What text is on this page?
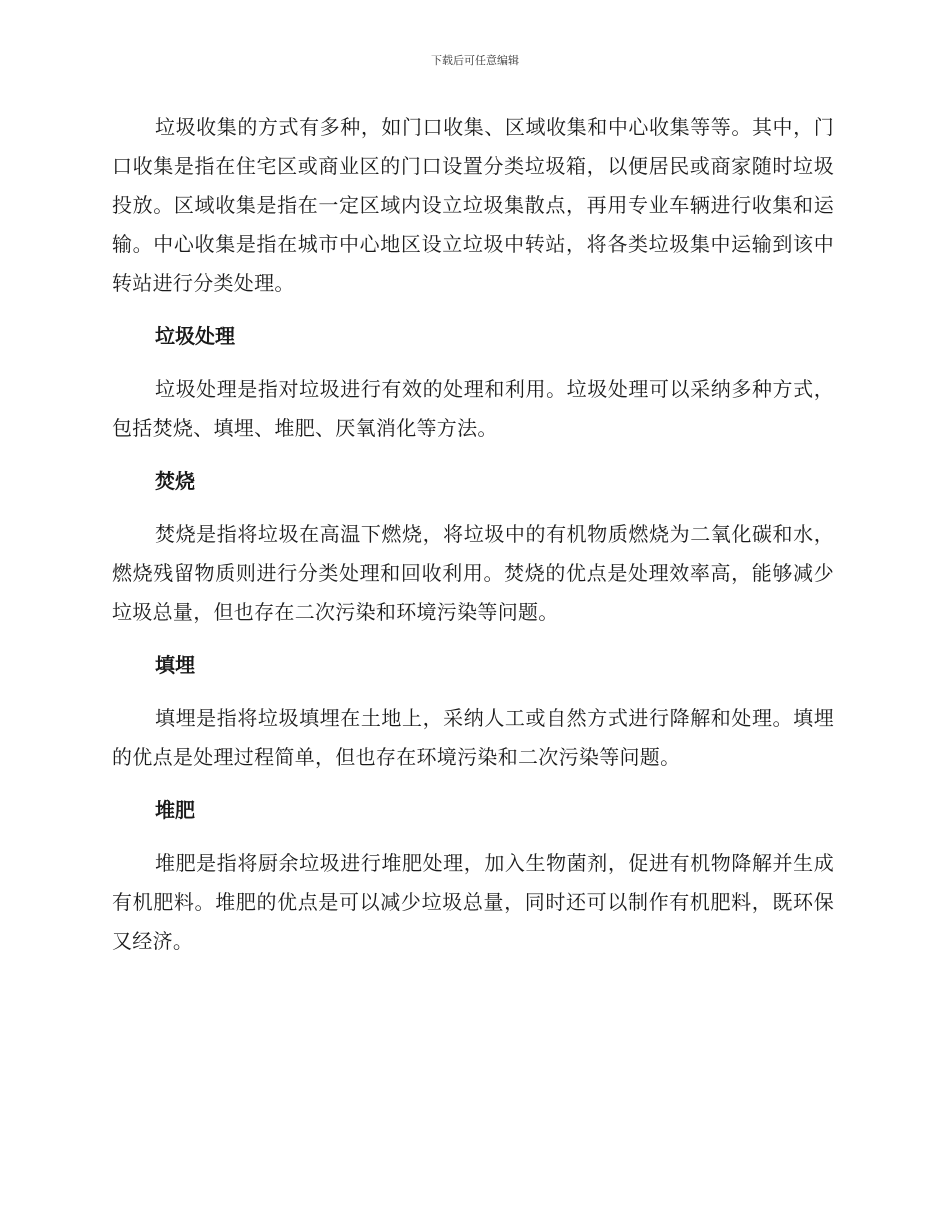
下载后可任意编辑

垃圾收集的方式有多种，如门口收集、区域收集和中心收集等等。其中，门口收集是指在住宅区或商业区的门口设置分类垃圾箱，以便居民或商家随时垃圾投放。区域收集是指在一定区域内设立垃圾集散点，再用专业车辆进行收集和运输。中心收集是指在城市中心地区设立垃圾中转站，将各类垃圾集中运输到该中转站进行分类处理。

垃圾处理

垃圾处理是指对垃圾进行有效的处理和利用。垃圾处理可以采纳多种方式，包括焚烧、填埋、堆肥、厌氧消化等方法。

焚烧

焚烧是指将垃圾在高温下燃烧，将垃圾中的有机物质燃烧为二氧化碳和水，燃烧残留物质则进行分类处理和回收利用。焚烧的优点是处理效率高，能够减少垃圾总量，但也存在二次污染和环境污染等问题。

填埋

填埋是指将垃圾填埋在土地上，采纳人工或自然方式进行降解和处理。填埋的优点是处理过程简单，但也存在环境污染和二次污染等问题。

堆肥

堆肥是指将厨余垃圾进行堆肥处理，加入生物菌剂，促进有机物降解并生成有机肥料。堆肥的优点是可以减少垃圾总量，同时还可以制作有机肥料，既环保又经济。
